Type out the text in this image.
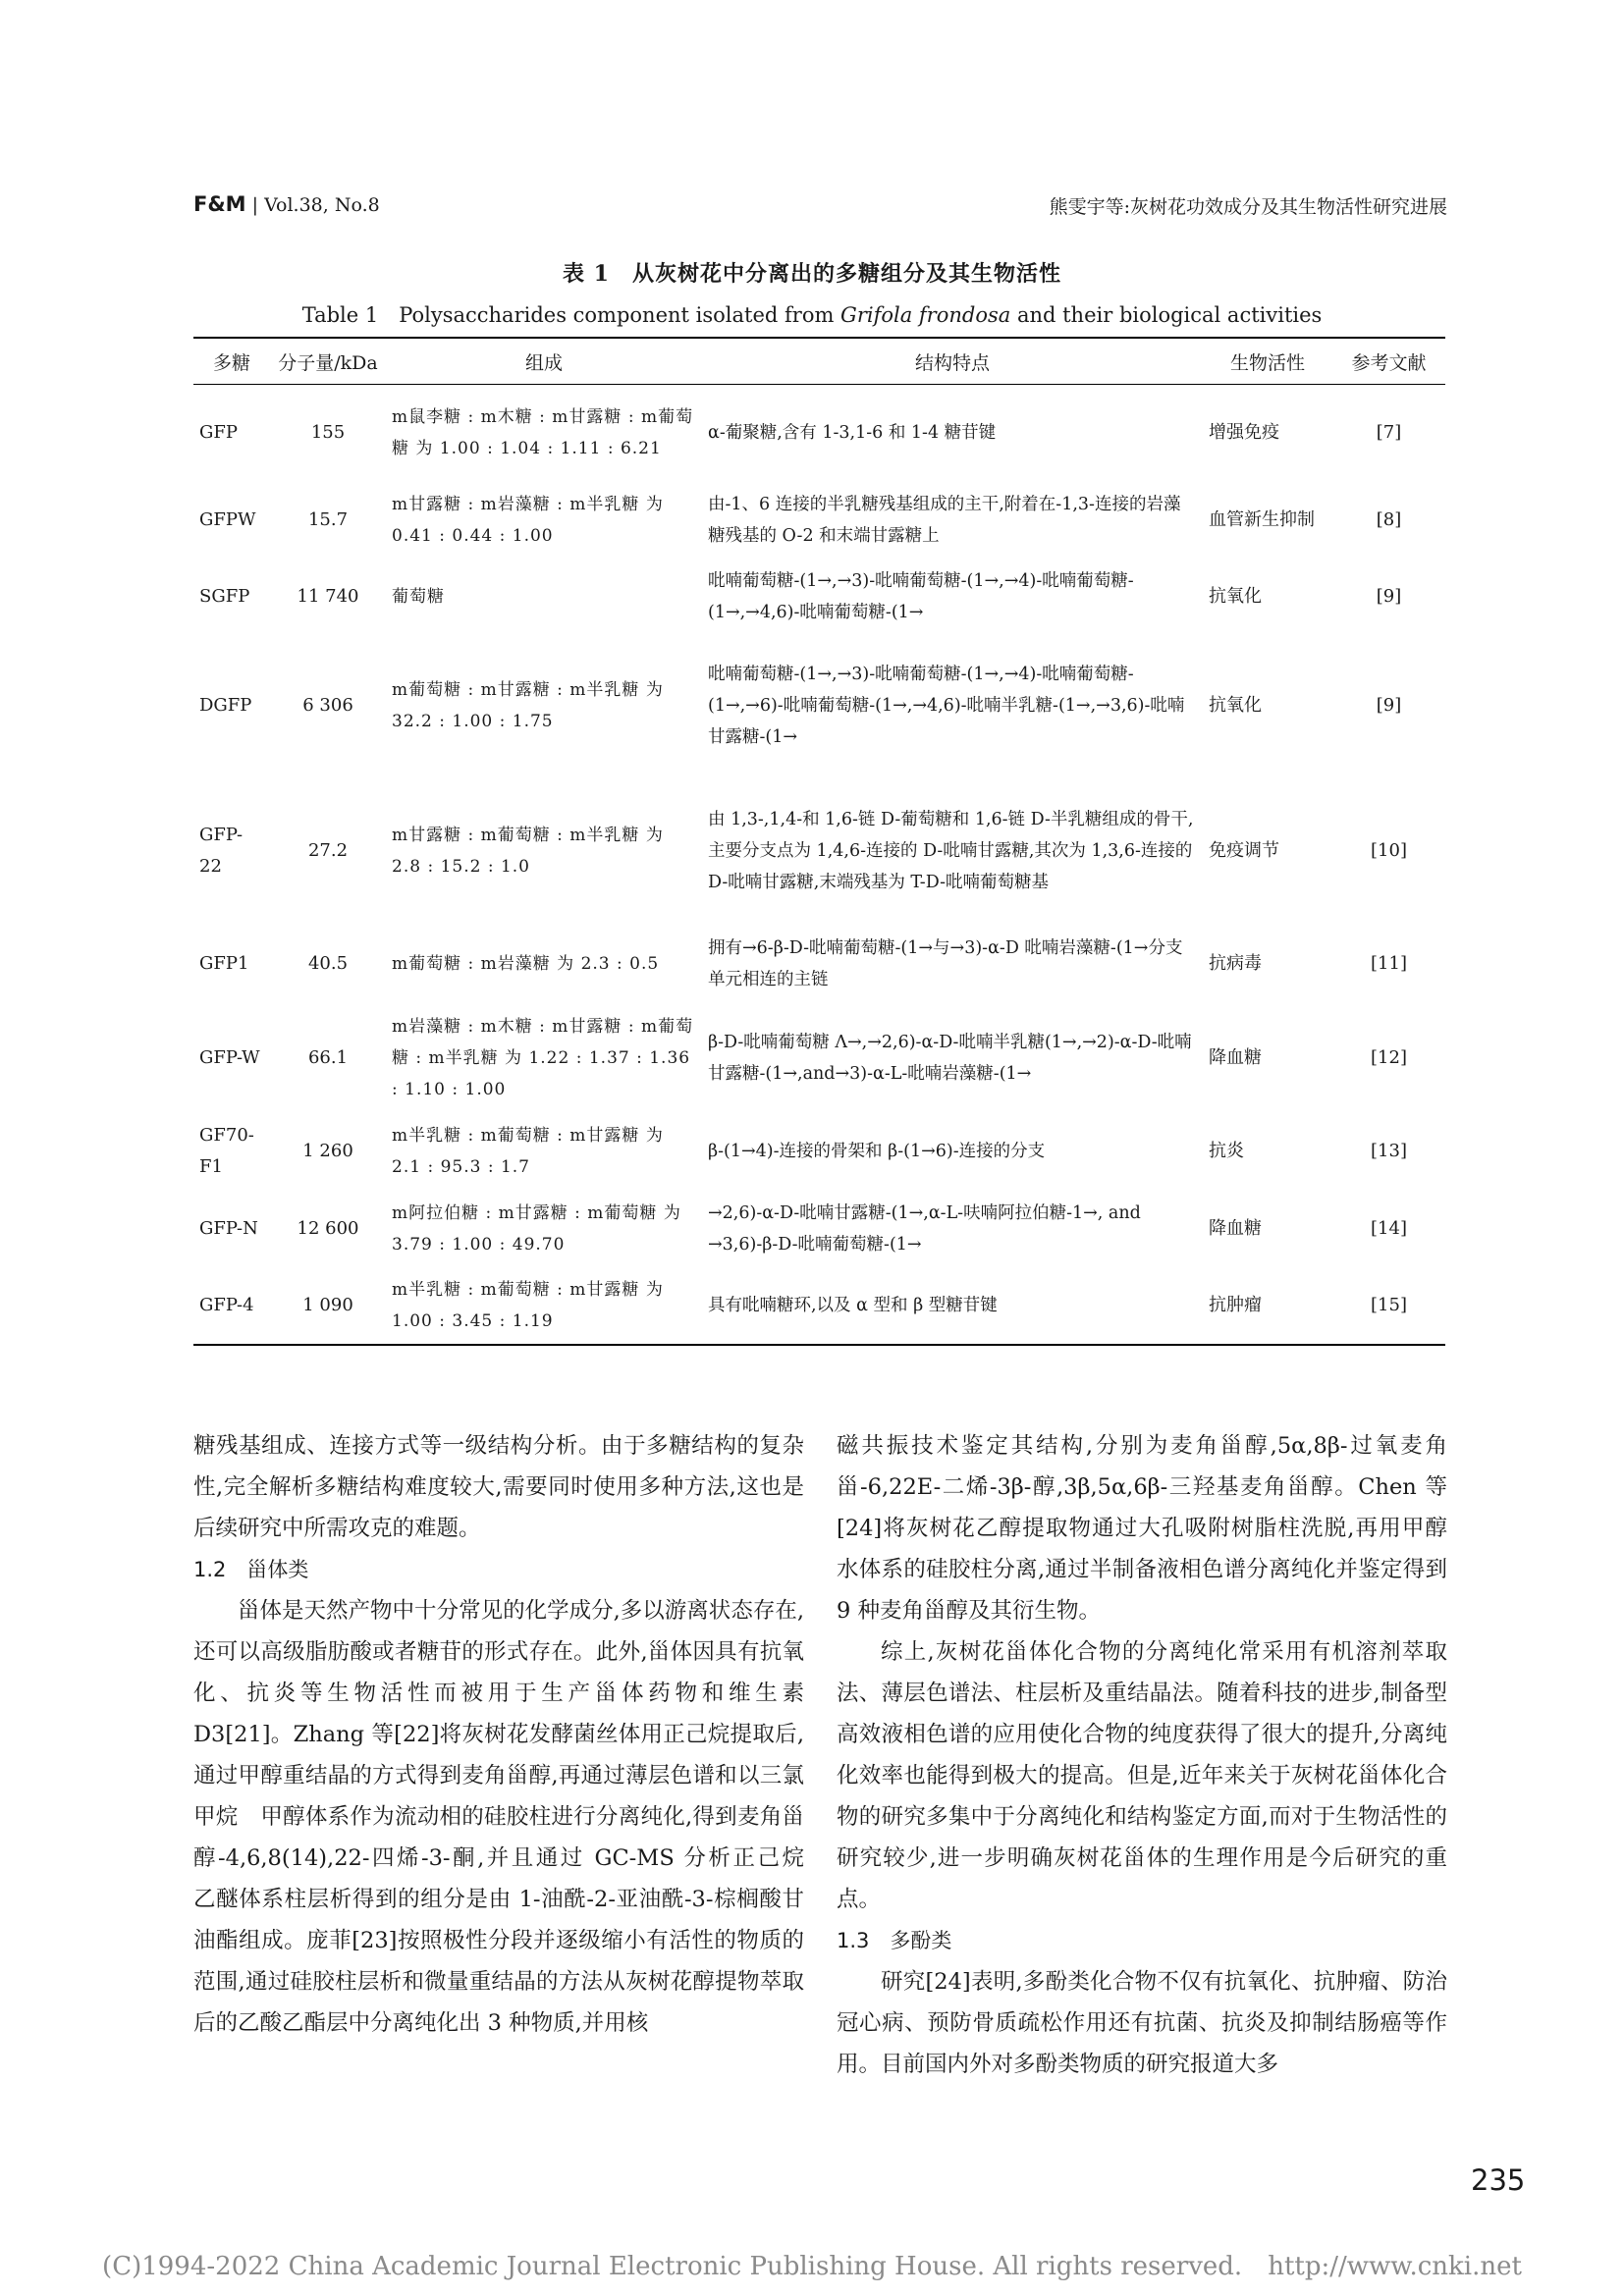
F&M | Vol.38, No.8	熊雯宇等:灰树花功效成分及其生物活性研究进展
表 1　从灰树花中分离出的多糖组分及其生物活性
Table 1　Polysaccharides component isolated from Grifola frondosa and their biological activities
多糖	分子量/kDa	组成	结构特点	生物活性	参考文献
GFP	155	m鼠李糖 : m木糖 : m甘露糖 : m葡萄糖 为 1.00 : 1.04 : 1.11 : 6.21	α-葡聚糖,含有 1-3,1-6 和 1-4 糖苷键	增强免疫	[7]
GFPW	15.7	m甘露糖 : m岩藻糖 : m半乳糖 为 0.41 : 0.44 : 1.00	由-1、6 连接的半乳糖残基组成的主干,附着在-1,3-连接的岩藻糖残基的 O-2 和末端甘露糖上	血管新生抑制	[8]
SGFP	11 740	葡萄糖	吡喃葡萄糖-(1→,→3)-吡喃葡萄糖-(1→,→4)-吡喃葡萄糖-(1→,→4,6)-吡喃葡萄糖-(1→	抗氧化	[9]
DGFP	6 306	m葡萄糖 : m甘露糖 : m半乳糖 为 32.2 : 1.00 : 1.75	吡喃葡萄糖-(1→,→3)-吡喃葡萄糖-(1→,→4)-吡喃葡萄糖-(1→,→6)-吡喃葡萄糖-(1→,→4,6)-吡喃半乳糖-(1→,→3,6)-吡喃甘露糖-(1→	抗氧化	[9]
GFP-22	27.2	m甘露糖 : m葡萄糖 : m半乳糖 为 2.8 : 15.2 : 1.0	由 1,3-,1,4-和 1,6-链 D-葡萄糖和 1,6-链 D-半乳糖组成的骨干,主要分支点为 1,4,6-连接的 D-吡喃甘露糖,其次为 1,3,6-连接的 D-吡喃甘露糖,末端残基为 T-D-吡喃葡萄糖基	免疫调节	[10]
GFP1	40.5	m葡萄糖 : m岩藻糖 为 2.3 : 0.5	拥有→6-β-D-吡喃葡萄糖-(1→与→3)-α-D 吡喃岩藻糖-(1→分支单元相连的主链	抗病毒	[11]
GFP-W	66.1	m岩藻糖 : m木糖 : m甘露糖 : m葡萄糖 : m半乳糖 为 1.22 : 1.37 : 1.36 : 1.10 : 1.00	β-D-吡喃葡萄糖 Λ→,→2,6)-α-D-吡喃半乳糖(1→,→2)-α-D-吡喃甘露糖-(1→,and→3)-α-L-吡喃岩藻糖-(1→	降血糖	[12]
GF70-F1	1 260	m半乳糖 : m葡萄糖 : m甘露糖 为 2.1 : 95.3 : 1.7	β-(1→4)-连接的骨架和 β-(1→6)-连接的分支	抗炎	[13]
GFP-N	12 600	m阿拉伯糖 : m甘露糖 : m葡萄糖 为 3.79 : 1.00 : 49.70	→2,6)-α-D-吡喃甘露糖-(1→,α-L-呋喃阿拉伯糖-1→, and →3,6)-β-D-吡喃葡萄糖-(1→	降血糖	[14]
GFP-4	1 090	m半乳糖 : m葡萄糖 : m甘露糖 为 1.00 : 3.45 : 1.19	具有吡喃糖环,以及 α 型和 β 型糖苷键	抗肿瘤	[15]

糖残基组成、连接方式等一级结构分析。由于多糖结构的复杂性,完全解析多糖结构难度较大,需要同时使用多种方法,这也是后续研究中所需攻克的难题。

1.2　甾体类

甾体是天然产物中十分常见的化学成分,多以游离状态存在,还可以高级脂肪酸或者糖苷的形式存在。此外,甾体因具有抗氧化、抗炎等生物活性而被用于生产甾体药物和维生素 D3[21]。Zhang 等[22]将灰树花发酵菌丝体用正己烷提取后,通过甲醇重结晶的方式得到麦角甾醇,再通过薄层色谱和以三氯甲烷　甲醇体系作为流动相的硅胶柱进行分离纯化,得到麦角甾醇-4,6,8(14),22-四烯-3-酮,并且通过 GC-MS 分析正己烷　乙醚体系柱层析得到的组分是由 1-油酰-2-亚油酰-3-棕榈酸甘油酯组成。庞菲[23]按照极性分段并逐级缩小有活性的物质的范围,通过硅胶柱层析和微量重结晶的方法从灰树花醇提物萃取后的乙酸乙酯层中分离纯化出 3 种物质,并用核

磁共振技术鉴定其结构,分别为麦角甾醇,5α,8β-过氧麦角甾-6,22E-二烯-3β-醇,3β,5α,6β-三羟基麦角甾醇。Chen 等[24]将灰树花乙醇提取物通过大孔吸附树脂柱洗脱,再用甲醇　水体系的硅胶柱分离,通过半制备液相色谱分离纯化并鉴定得到 9 种麦角甾醇及其衍生物。

综上,灰树花甾体化合物的分离纯化常采用有机溶剂萃取法、薄层色谱法、柱层析及重结晶法。随着科技的进步,制备型高效液相色谱的应用使化合物的纯度获得了很大的提升,分离纯化效率也能得到极大的提高。但是,近年来关于灰树花甾体化合物的研究多集中于分离纯化和结构鉴定方面,而对于生物活性的研究较少,进一步明确灰树花甾体的生理作用是今后研究的重点。

1.3　多酚类

研究[24]表明,多酚类化合物不仅有抗氧化、抗肿瘤、防治冠心病、预防骨质疏松作用还有抗菌、抗炎及抑制结肠癌等作用。目前国内外对多酚类物质的研究报道大多

235
(C)1994-2022 China Academic Journal Electronic Publishing House. All rights reserved.　http://www.cnki.net
